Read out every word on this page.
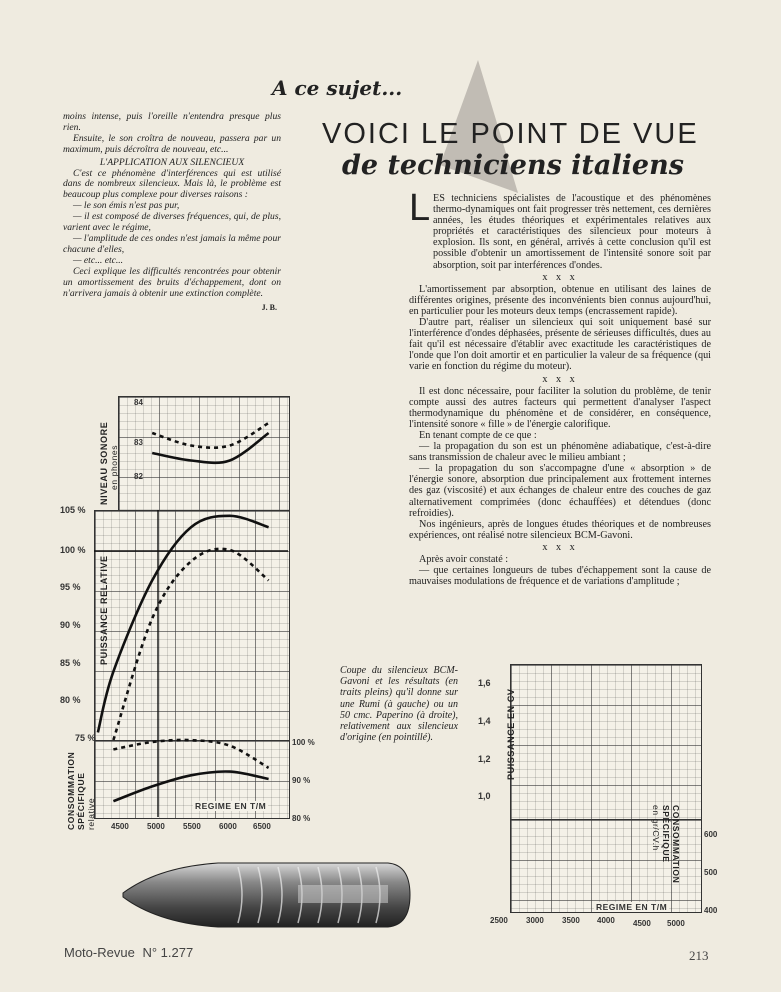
A ce sujet...
VOICI LE POINT DE VUE
de techniciens italiens

moins intense, puis l'oreille n'entendra presque plus rien.

Ensuite, le son croîtra de nouveau, passera par un maximum, puis décroîtra de nouveau, etc...

L'APPLICATION AUX SILENCIEUX

C'est ce phénomène d'interférences qui est utilisé dans de nombreux silencieux. Mais là, le problème est beaucoup plus complexe pour diverses raisons :

— le son émis n'est pas pur,

— il est composé de diverses fréquences, qui, de plus, varient avec le régime,

— l'amplitude de ces ondes n'est jamais la même pour chacune d'elles,

— etc... etc...

Ceci explique les difficultés rencontrées pour obtenir un amortissement des bruits d'échappement, dont on n'arrivera jamais à obtenir une extinction complète.

J. B.

L ES techniciens spécialistes de l'acoustique et des phénomènes thermo-dynamiques ont fait progresser très nettement, ces dernières années, les études théoriques et expérimentales relatives aux propriétés et caractéristiques des silencieux pour moteurs à explosion. Ils sont, en général, arrivés à cette conclusion qu'il est possible d'obtenir un amortissement de l'intensité sonore soit par absorption, soit par interférences d'ondes.

x x x

L'amortissement par absorption, obtenue en utilisant des laines de différentes origines, présente des inconvénients bien connus aujourd'hui, en particulier pour les moteurs deux temps (encrassement rapide).

D'autre part, réaliser un silencieux qui soit uniquement basé sur l'interférence d'ondes déphasées, présente de sérieuses difficultés, dues au fait qu'il est nécessaire d'établir avec exactitude les caractéristiques de l'onde que l'on doit amortir et en particulier la valeur de sa fréquence (qui varie en fonction du régime du moteur).

x x x

Il est donc nécessaire, pour faciliter la solution du problème, de tenir compte aussi des autres facteurs qui permettent d'analyser l'aspect thermodynamique du phénomène et de considérer, en conséquence, l'intensité sonore « fille » de l'énergie calorifique.

En tenant compte de ce que :

— la propagation du son est un phénomène adiabatique, c'est-à-dire sans transmission de chaleur avec le milieu ambiant ;

— la propagation du son s'accompagne d'une « absorption » de l'énergie sonore, absorption due principalement aux frottement internes des gaz (viscosité) et aux échanges de chaleur entre des couches de gaz alternativement comprimées (donc échauffées) et détendues (donc refroidies).

Nos ingénieurs, après de longues études théoriques et de nombreuses expériences, ont réalisé notre silencieux BCM-Gavoni.

x x x

Après avoir constaté :

— que certaines longueurs de tubes d'échappement sont la cause de mauvaises modulations de fréquence et de variations d'amplitude ;

Coupe du silencieux BCM-Gavoni et les résultats (en traits pleins) qu'il donne sur une Rumi (à gauche) ou un 50 cmc. Paperino (à droite), relativement aux silencieux d'origine (en pointillé).
NIVEAU SONORE en phones
84
83
82
105 %
100 %
95 %
90 %
85 %
80 %
75 %
PUISSANCE RELATIVE
100 %
90 %
80 %
CONSOMMATION SPÉCIFIQUE relative	REGIME EN T/M
4500 5000 5500 6000 6500
1,6
1,4
1,2
1,0
PUISSANCE EN CV
CONSOMMATION
SPÉCIFIQUE
en gr/CV.h	600
500
400
REGIME EN T/M
2500 3000 3500 4000 4500 5000
Moto-Revue N° 1.277	213
